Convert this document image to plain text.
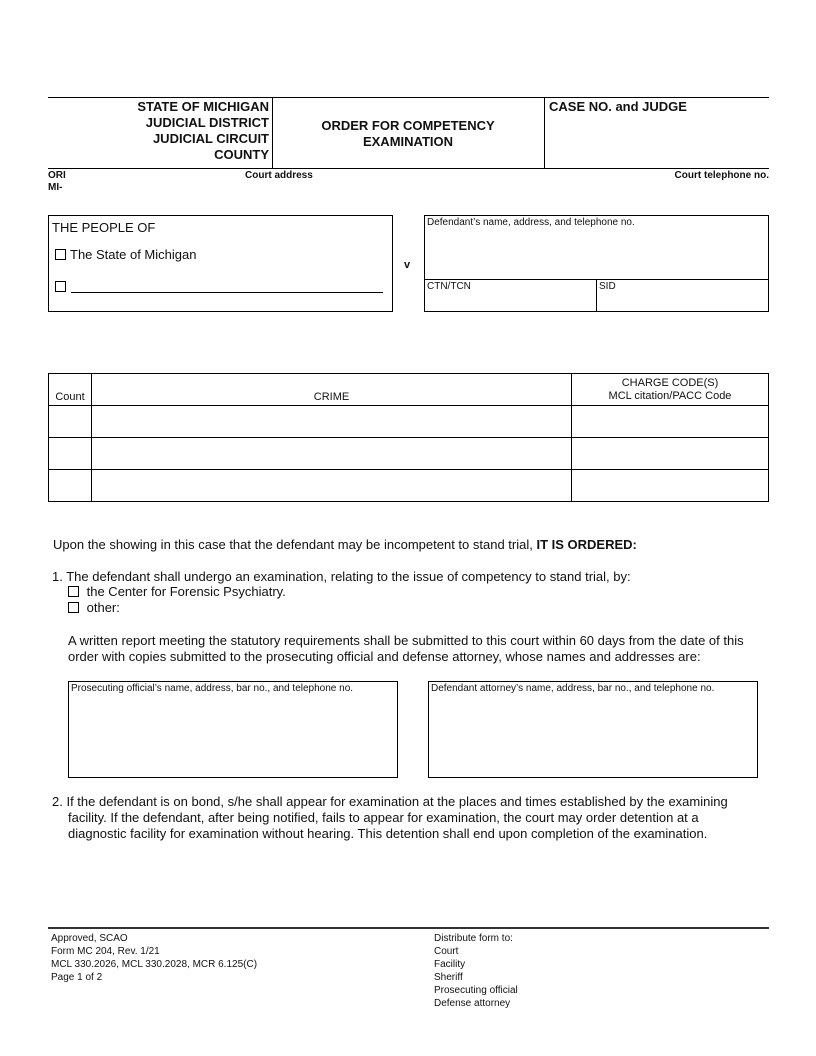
STATE OF MICHIGAN
JUDICIAL DISTRICT
JUDICIAL CIRCUIT
COUNTY
ORDER FOR COMPETENCY
EXAMINATION
CASE NO. and JUDGE
ORI
MI-
Court address	Court telephone no.
THE PEOPLE OF
The State of Michigan
v
Defendant’s name, address, and telephone no.
CTN/TCN	SID
Count	CRIME	CHARGE CODE(S)
MCL citation/PACC Code

Upon the showing in this case that the defendant may be incompetent to stand trial, IT IS ORDERED:
1. The defendant shall undergo an examination, relating to the issue of competency to stand trial, by:
the Center for Forensic Psychiatry.
other:
A written report meeting the statutory requirements shall be submitted to this court within 60 days from the date of this
order with copies submitted to the prosecuting official and defense attorney, whose names and addresses are:
Prosecuting official’s name, address, bar no., and telephone no.	Defendant attorney’s name, address, bar no., and telephone no.
2. If the defendant is on bond, s/he shall appear for examination at the places and times established by the examining
facility. If the defendant, after being notified, fails to appear for examination, the court may order detention at a
diagnostic facility for examination without hearing. This detention shall end upon completion of the examination.
Approved, SCAO
Form MC 204, Rev. 1/21
MCL 330.2026, MCL 330.2028, MCR 6.125(C)
Page 1 of 2
Distribute form to:
Court
Facility
Sheriff
Prosecuting official
Defense attorney
